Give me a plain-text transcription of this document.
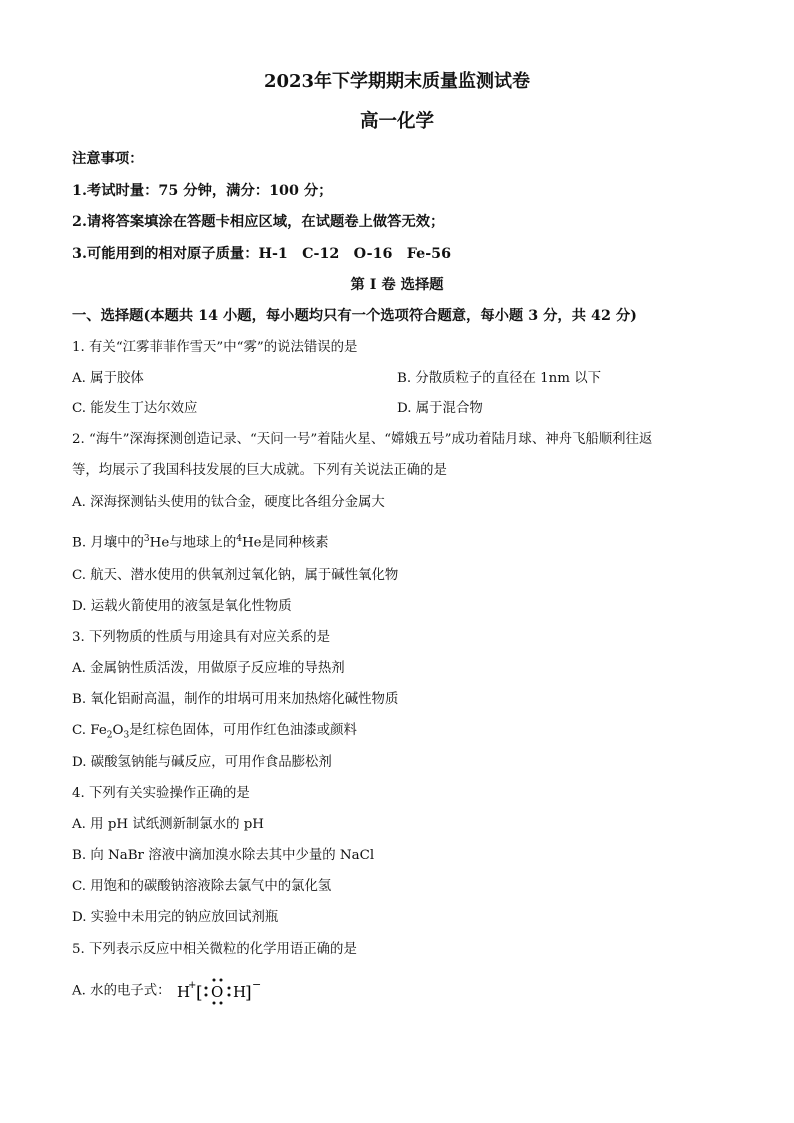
2023年下学期期末质量监测试卷
高一化学
注意事项：
1.考试时量：75 分钟，满分：100 分；
2.请将答案填涂在答题卡相应区域，在试题卷上做答无效；
3.可能用到的相对原子质量：H-1　C-12　O-16　Fe-56
第 I 卷 选择题
一、选择题(本题共 14 小题，每小题均只有一个选项符合题意，每小题 3 分，共 42 分)
1. 有关“江雾菲菲作雪天”中“雾”的说法错误的是
A. 属于胶体	B. 分散质粒子的直径在 1nm 以下
C. 能发生丁达尔效应	D. 属于混合物
2. “海牛”深海探测创造记录、“天问一号”着陆火星、“嫦娥五号”成功着陆月球、神舟飞船顺利往返
等，均展示了我国科技发展的巨大成就。下列有关说法正确的是
A. 深海探测钻头使用的钛合金，硬度比各组分金属大
B. 月壤中的$^3$He与地球上的$^4$He是同种核素
C. 航天、潜水使用的供氧剂过氧化钠，属于碱性氧化物
D. 运载火箭使用的液氢是氧化性物质
3. 下列物质的性质与用途具有对应关系的是
A. 金属钠性质活泼，用做原子反应堆的导热剂
B. 氧化铝耐高温，制作的坩埚可用来加热熔化碱性物质
C. $Fe_2O_3$是红棕色固体，可用作红色油漆或颜料
D. 碳酸氢钠能与碱反应，可用作食品膨松剂
4. 下列有关实验操作正确的是
A. 用 pH 试纸测新制氯水的 pH
B. 向 NaBr 溶液中滴加溴水除去其中少量的 NaCl
C. 用饱和的碳酸钠溶液除去氯气中的氯化氢
D. 实验中未用完的钠应放回试剂瓶
5. 下列表示反应中相关微粒的化学用语正确的是
A. 水的电子式： H
+ [ O H
] −
